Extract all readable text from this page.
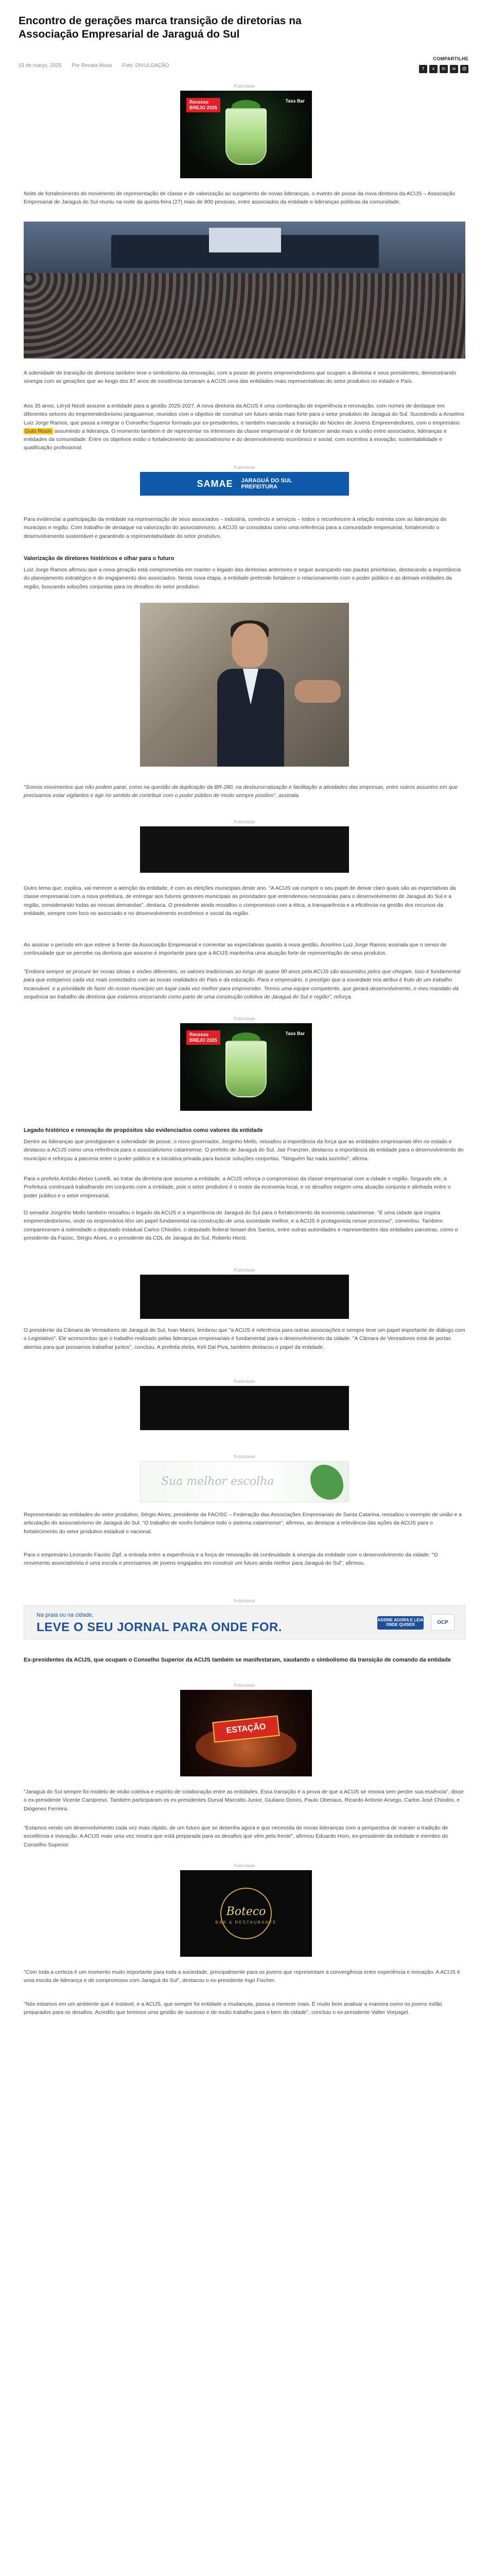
Encontro de gerações marca transição de diretorias na Associação Empresarial de Jaraguá do Sul
03 de março, 2025 Por Renata Musa Foto: DIVULGAÇÃO
COMPARTILHE
f	x	in	w	@
Publicidade
Recesso
BREJO 2025
Tass Bar

Noite de fortalecimento do movimento de representação de classe e de valorização ao surgimento de novas lideranças, o evento de posse da nova diretoria da ACIJS – Associação Empresarial de Jaraguá do Sul reuniu na noite da quinta-feira (27) mais de 800 pessoas, entre associados da entidade e lideranças políticas da comunidade.

A solenidade de transição de diretoria também teve o simbolismo da renovação, com a posse de jovens empreendedores que ocupam a diretoria e seus presidentes, demonstrando sinergia com as gerações que ao longo dos 87 anos de existência tornaram a ACIJS uma das entidades mais representativas do setor produtivo no estado e País.

Aos 35 anos, Léryd Nicoli assume a entidade para a gestão 2025-2027. A nova diretoria da ACIJS é uma combinação de experiência e renovação, com nomes de destaque em diferentes setores do empreendedorismo jaraguaense, reunidos com o objetivo de construir um futuro ainda mais forte para o setor produtivo de Jaraguá do Sul. Sucedendo a Anselmo Luiz Jorge Ramos, que passa a integrar o Conselho Superior formado por ex-presidentes, e também marcando a transição do Núcleo de Jovens Empreendedores, com o empresário Guto Rosin assumindo a liderança. O momento também é de representar os interesses da classe empresarial e de fortalecer ainda mais a união entre associados, lideranças e entidades da comunidade. Entre os objetivos estão o fortalecimento do associativismo e do desenvolvimento econômico e social, com incentivo à inovação, sustentabilidade e qualificação profissional.

Publicidade
SAMAE JARAGUÁ DO SUL
PREFEITURA

Para evidenciar a participação da entidade na representação de seus associados – indústria, comércio e serviços – todos o reconhecem à relação estreita com as lideranças do município e região. Com trabalho de destaque na valorização do associativismo, a ACIJS se consolidou como uma referência para a comunidade empresarial, fortalecendo o desenvolvimento sustentável e garantindo a representatividade do setor produtivo.

Valorização de diretores históricos e olhar para o futuro

Luiz Jorge Ramos afirmou que a nova geração está comprometida em manter o legado das diretorias anteriores e seguir avançando nas pautas prioritárias, destacando a importância do planejamento estratégico e do engajamento dos associados. Nesta nova etapa, a entidade pretende fortalecer o relacionamento com o poder público e as demais entidades da região, buscando soluções conjuntas para os desafios do setor produtivo.

"Somos movimentos que não podem parar, como na questão da duplicação da BR-280, na desburocratização e facilitação a atividades das empresas, entre outros assuntos em que precisamos estar vigilantes e agir no sentido de contribuir com o poder público de modo sempre positivo", assinala.

Publicidade

Outro tema que, explica, vai merecer a atenção da entidade, é com as eleições municipais deste ano. "A ACIJS vai cumprir o seu papel de deixar claro quais são as expectativas da classe empresarial com a nova prefeitura, de entregar aos futuros gestores municipais as prioridades que entendemos necessárias para o desenvolvimento de Jaraguá do Sul e a região, considerando todas as nossas demandas", destaca. O presidente ainda ressaltou o compromisso com a ética, a transparência e a eficiência na gestão dos recursos da entidade, sempre com foco no associado e no desenvolvimento econômico e social da região.

Ao assinar o período em que esteve à frente da Associação Empresarial e comentar as expectativas quanto à nova gestão, Anselmo Luiz Jorge Ramos assinala que o senso de continuidade que se percebe na diretoria que assume é importante para que a ACIJS mantenha uma atuação forte de representação de seus produtos.

"Embora sempre se procure ter novas ideias e visões diferentes, os valores tradicionais ao longo de quase 90 anos pela ACIJS são assumidos pelos que chegam. Isso é fundamental para que estejamos cada vez mais conectados com as novas realidades do País e da educação. Para o empresário, o prestígio que a sociedade nos atribui é fruto de um trabalho incansável, e a prioridade de fazer do nosso município um lugar cada vez melhor para empreender. Temos uma equipe competente, que gerará desenvolvimento, e meu mandato dá sequência ao trabalho da diretoria que estamos encerrando como parte de uma construção coletiva de Jaraguá do Sul e região", reforça.

Publicidade
Recesso
BREJO 2025
Tass Bar
Legado histórico e renovação de propósitos são evidenciados como valores da entidade

Dentre as lideranças que prestigiaram a solenidade de posse, o novo governador, Jorginho Mello, ressaltou a importância da força que as entidades empresariais têm no estado e destacou a ACIJS como uma referência para o associativismo catarinense. O prefeito de Jaraguá do Sul, Jair Franzner, destacou a importância da entidade para o desenvolvimento do município e reforçou a parceria entre o poder público e a iniciativa privada para buscar soluções conjuntas. "Ninguém faz nada sozinho", afirma.

Para o prefeito Antídio Aleixo Lunelli, ao tratar da diretoria que assume a entidade, a ACIJS reforça o compromisso da classe empresarial com a cidade e região. Segundo ele, a Prefeitura continuará trabalhando em conjunto com a entidade, pois o setor produtivo é o motor da economia local, e os desafios exigem uma atuação conjunta e alinhada entre o poder público e o setor empresarial.

O senador Jorginho Mello também ressaltou o legado da ACIJS e a importância de Jaraguá do Sul para o fortalecimento da economia catarinense. "É uma cidade que inspira empreendedorismo, onde os empresários têm um papel fundamental na construção de uma sociedade melhor, e a ACIJS é protagonista nesse processo", comentou. Também compareceram à solenidade o deputado estadual Carlos Chiodini, o deputado federal Ismael dos Santos, entre outras autoridades e representantes das entidades parceiras, como o presidente da Facisc, Sérgio Alves, e o presidente da CDL de Jaraguá do Sul, Roberto Horst.

Publicidade

O presidente da Câmara de Vereadores de Jaraguá do Sul, Ivan Marini, lembrou que "a ACIJS é referência para outras associações e sempre teve um papel importante de diálogo com o Legislativo". Ele acrescentou que o trabalho realizado pelas lideranças empresariais é fundamental para o desenvolvimento da cidade. "A Câmara de Vereadores está de portas abertas para que possamos trabalhar juntos", concluiu. A prefeita eleita, Keli Dal Piva, também destacou o papel da entidade.

Publicidade
Publicidade
Sua melhor escolha

Representando as entidades do setor produtivo, Sérgio Alves, presidente da FACISC – Federação das Associações Empresariais de Santa Catarina, ressaltou o exemplo de união e a articulação do associativismo de Jaraguá do Sul. "O trabalho de vocês fortalece todo o sistema catarinense", afirmou, ao destacar a relevância das ações da ACIJS para o fortalecimento do setor produtivo estadual e nacional.

Para o empresário Leonardo Fausto Zipf, a entrada entre a experiência e a força de renovação dá continuidade à sinergia da entidade com o desenvolvimento da cidade. "O movimento associativista é uma escola e precisamos de jovens engajados em construir um futuro ainda melhor para Jaraguá do Sul", afirmou.

Publicidade
Na praia ou na cidade,
LEVE O SEU JORNAL PARA ONDE FOR.
ASSINE AGORA E LEIA ONDE QUISER	OCP
Ex-presidentes da ACIJS, que ocupam o Conselho Superior da ACIJS também se manifestaram, saudando o simbolismo da transição de comando da entidade
Publicidade
ESTAÇÃO

"Jaraguá do Sul sempre foi modelo de visão coletiva e espírito de colaboração entre as entidades. Essa transição é a prova de que a ACIJS se renova sem perder sua essência", disse o ex-presidente Vicente Caropreso. Também participaram os ex-presidentes Durval Marcatto Junior, Giuliano Donini, Paulo Obenaus, Ricardo Antonio Arsego, Carlos José Chiodini, e Diógenes Ferreira.

"Estamos vendo um desenvolvimento cada vez mais rápido, de um futuro que se desenha agora e que necessita de novas lideranças com a perspectiva de manter a tradição de excelência e inovação. A ACIJS mais uma vez mostra que está preparada para os desafios que vêm pela frente", afirmou Eduardo Horn, ex-presidente da entidade e membro do Conselho Superior.

Publicidade
Boteco
BAR & RESTAURANTE

"Com toda a certeza é um momento muito importante para toda a sociedade, principalmente para os jovens que representam a convergência entre experiência e inovação. A ACIJS é uma escola de liderança e de compromisso com Jaraguá do Sul", destacou o ex-presidente Ingo Fischer.

"Nós estamos em um ambiente que é instável, e a ACIJS, que sempre foi entidade a mudanças, passa a merecer mais. É muito bom analisar a maneira como os jovens estão preparados para os desafios. Acredito que teremos uma gestão de sucesso e de muito trabalho para o bem da cidade", concluiu o ex-presidente Valter Vorpagel.
